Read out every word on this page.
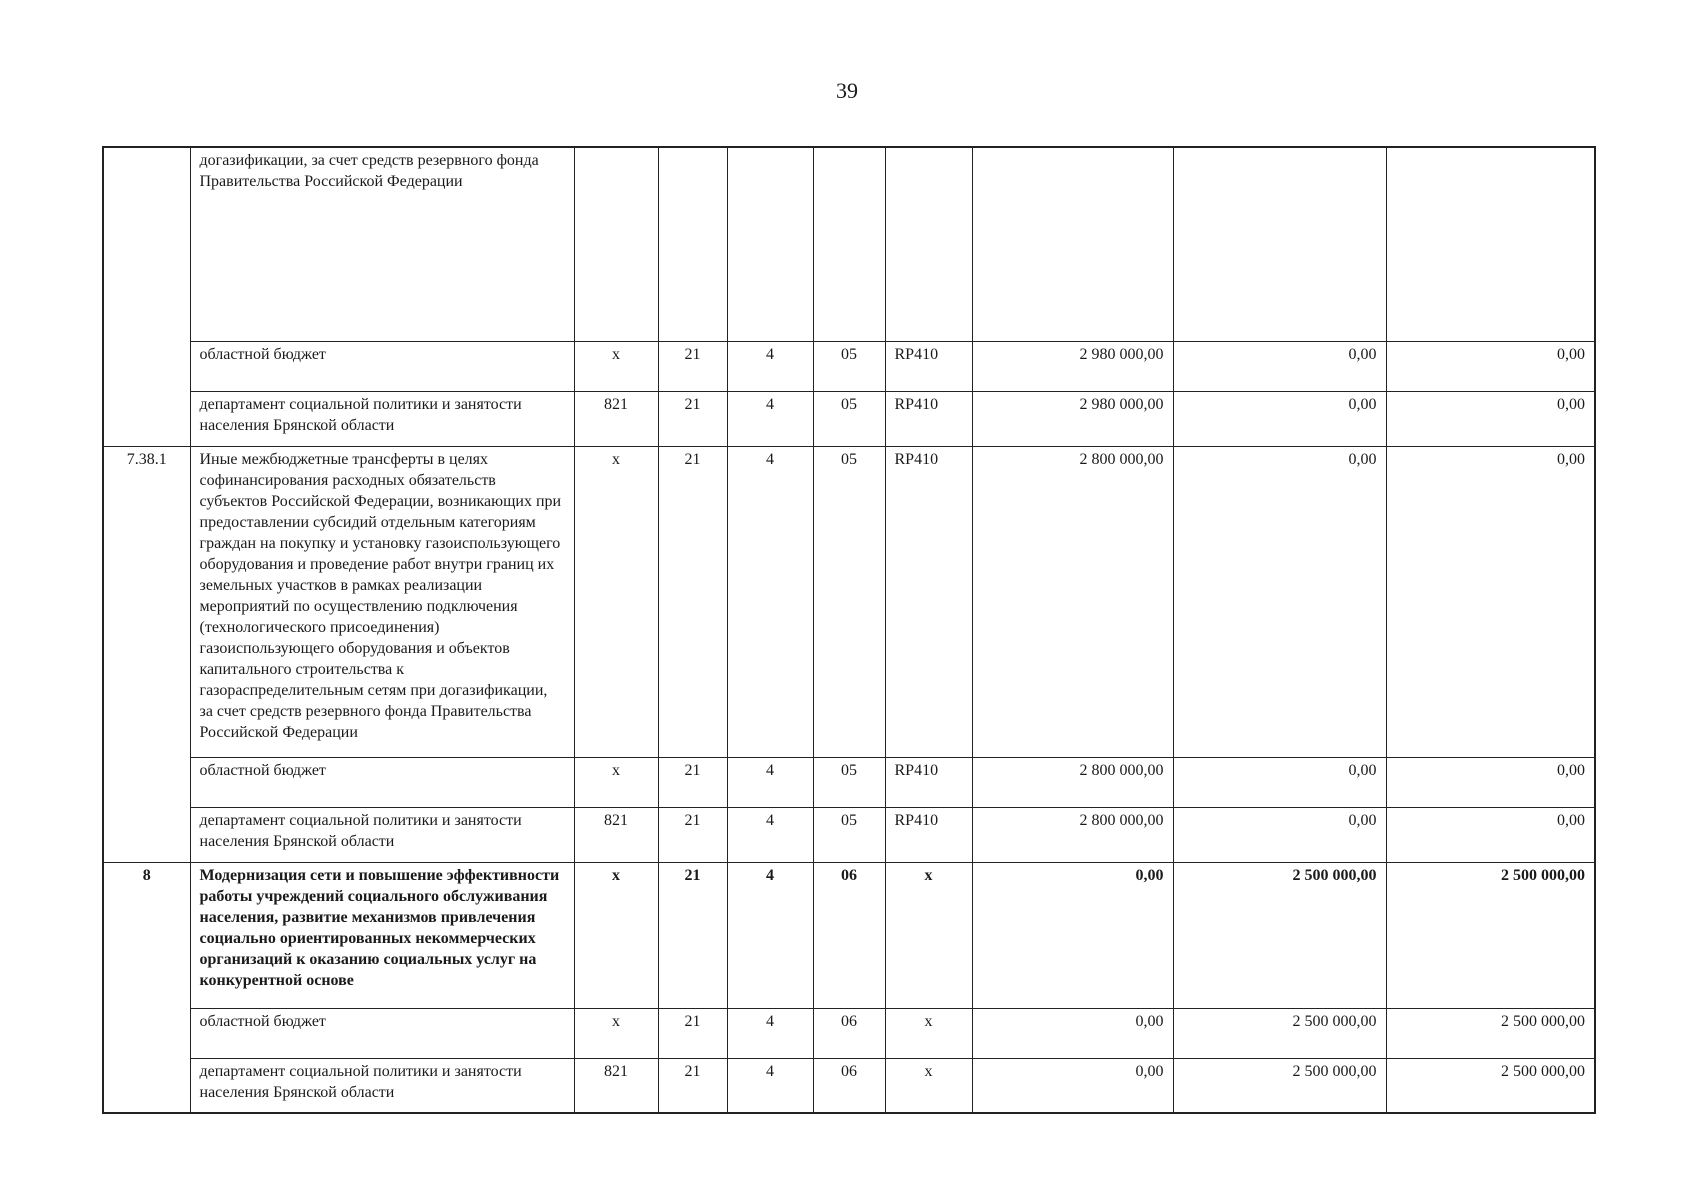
39
	догазификации, за счет средств резервного фонда Правительства Российской Федерации								
	областной бюджет	x	21	4	05	RP410	2 980 000,00	0,00	0,00
	департамент социальной политики и занятости населения Брянской области	821	21	4	05	RP410	2 980 000,00	0,00	0,00
7.38.1	Иные межбюджетные трансферты в целях софинансирования расходных обязательств субъектов Российской Федерации, возникающих при предоставлении субсидий отдельным категориям граждан на покупку и установку газоиспользующего оборудования и проведение работ внутри границ их земельных участков в рамках реализации мероприятий по осуществлению подключения (технологического присоединения) газоиспользующего оборудования и объектов капитального строительства к газораспределительным сетям при догазификации, за счет средств резервного фонда Правительства Российской Федерации	x	21	4	05	RP410	2 800 000,00	0,00	0,00
	областной бюджет	x	21	4	05	RP410	2 800 000,00	0,00	0,00
	департамент социальной политики и занятости населения Брянской области	821	21	4	05	RP410	2 800 000,00	0,00	0,00
8	Модернизация сети и повышение эффективности работы учреждений социального обслуживания населения, развитие механизмов привлечения социально ориентированных некоммерческих организаций к оказанию социальных услуг на конкурентной основе	x	21	4	06	x	0,00	2 500 000,00	2 500 000,00
	областной бюджет	x	21	4	06	x	0,00	2 500 000,00	2 500 000,00
	департамент социальной политики и занятости населения Брянской области	821	21	4	06	x	0,00	2 500 000,00	2 500 000,00
